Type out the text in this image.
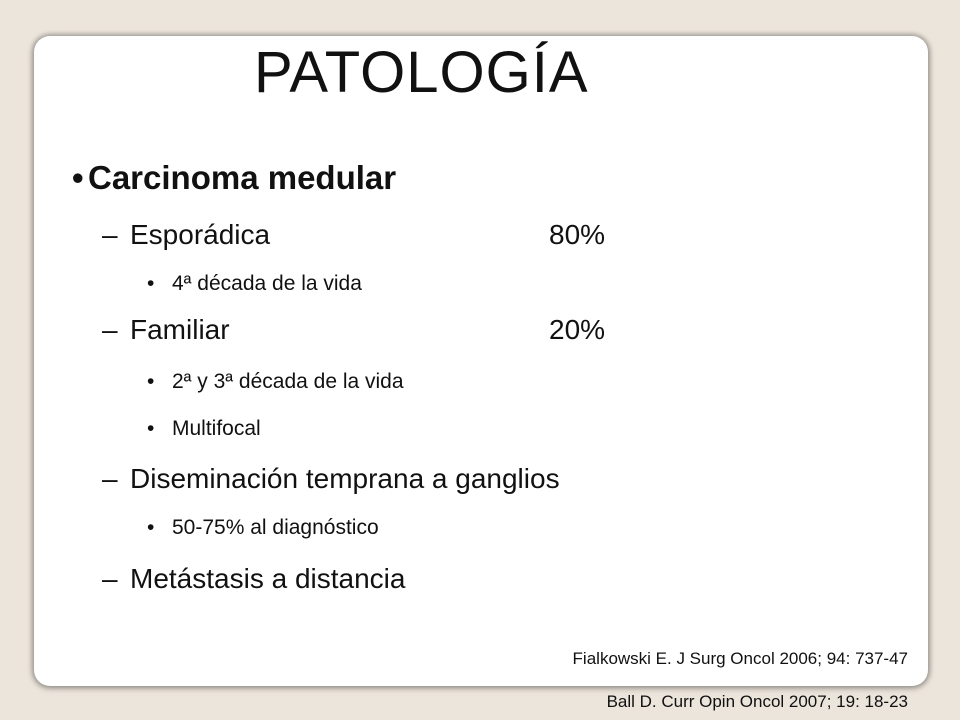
PATOLOGÍA
• Carcinoma medular
– Esporádica	80%
• 4ª década de la vida
– Familiar	20%
• 2ª y 3ª década de la vida
• Multifocal
– Diseminación temprana a ganglios
• 50-75% al diagnóstico
– Metástasis a distancia
Fialkowski E. J Surg Oncol 2006; 94: 737-47
Ball D. Curr Opin Oncol 2007; 19: 18-23
